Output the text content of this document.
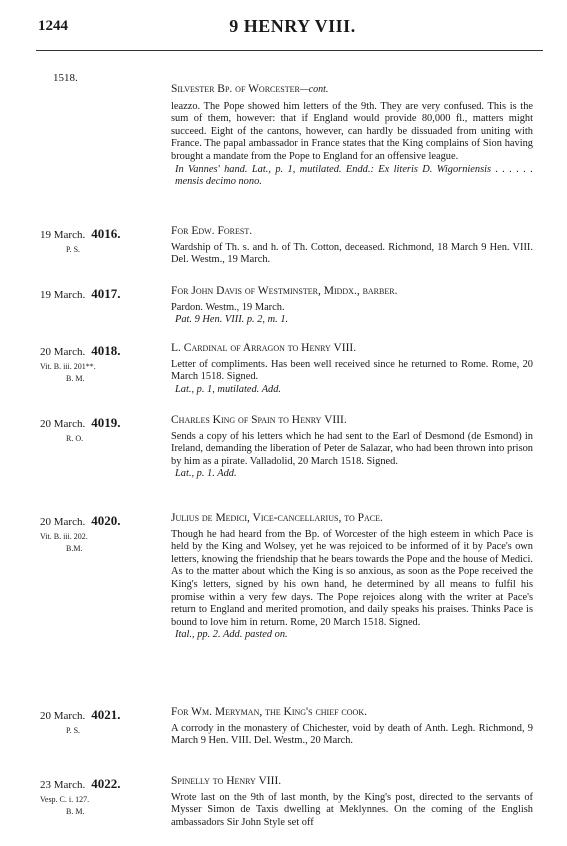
1244	9 HENRY VIII.
1518.
Silvester Bp. of Worcester—cont.

leazzo. The Pope showed him letters of the 9th. They are very confused. This is the sum of them, however: that if England would provide 80,000 fl., matters might succeed. Eight of the cantons, however, can hardly be dissuaded from uniting with France. The papal ambassador in France states that the King complains of Sion having brought a mandate from the Pope to England for an offensive league.

In Vannes' hand. Lat., p. 1, mutilated. Endd.: Ex literis D. Wigorniensis . . . . . . mensis decimo nono.

19 March. 4016.
P. S.
For Edw. Forest.

Wardship of Th. s. and h. of Th. Cotton, deceased. Richmond, 18 March 9 Hen. VIII. Del. Westm., 19 March.

19 March. 4017.	For John Davis of Westminster, Middx., barber.

Pardon. Westm., 19 March.

Pat. 9 Hen. VIII. p. 2, m. 1.

20 March. 4018.
Vit. B. iii. 201**.
B. M.
L. Cardinal of Arragon to Henry VIII.

Letter of compliments. Has been well received since he returned to Rome. Rome, 20 March 1518. Signed.

Lat., p. 1, mutilated. Add.

20 March. 4019.
R. O.
Charles King of Spain to Henry VIII.

Sends a copy of his letters which he had sent to the Earl of Desmond (de Esmond) in Ireland, demanding the liberation of Peter de Salazar, who had been thrown into prison by him as a pirate. Valladolid, 20 March 1518. Signed.

Lat., p. 1. Add.

20 March. 4020.
Vit. B. iii. 202.
B.M.
Julius de Medici, Vice-cancellarius, to Pace.

Though he had heard from the Bp. of Worcester of the high esteem in which Pace is held by the King and Wolsey, yet he was rejoiced to be informed of it by Pace's own letters, knowing the friendship that he bears towards the Pope and the house of Medici. As to the matter about which the King is so anxious, as soon as the Pope received the King's letters, signed by his own hand, he determined by all means to fulfil his promise within a very few days. The Pope rejoices along with the writer at Pace's return to England and merited promotion, and daily speaks his praises. Thinks Pace is bound to love him in return. Rome, 20 March 1518. Signed.

Ital., pp. 2. Add. pasted on.

20 March. 4021.
P. S.
For Wm. Meryman, the King's chief cook.

A corrody in the monastery of Chichester, void by death of Anth. Legh. Richmond, 9 March 9 Hen. VIII. Del. Westm., 20 March.

23 March. 4022.
Vesp. C. i. 127.
B. M.
Spinelly to Henry VIII.

Wrote last on the 9th of last month, by the King's post, directed to the servants of Mysser Simon de Taxis dwelling at Meklynnes. On the coming of the English ambassadors Sir John Style set off
